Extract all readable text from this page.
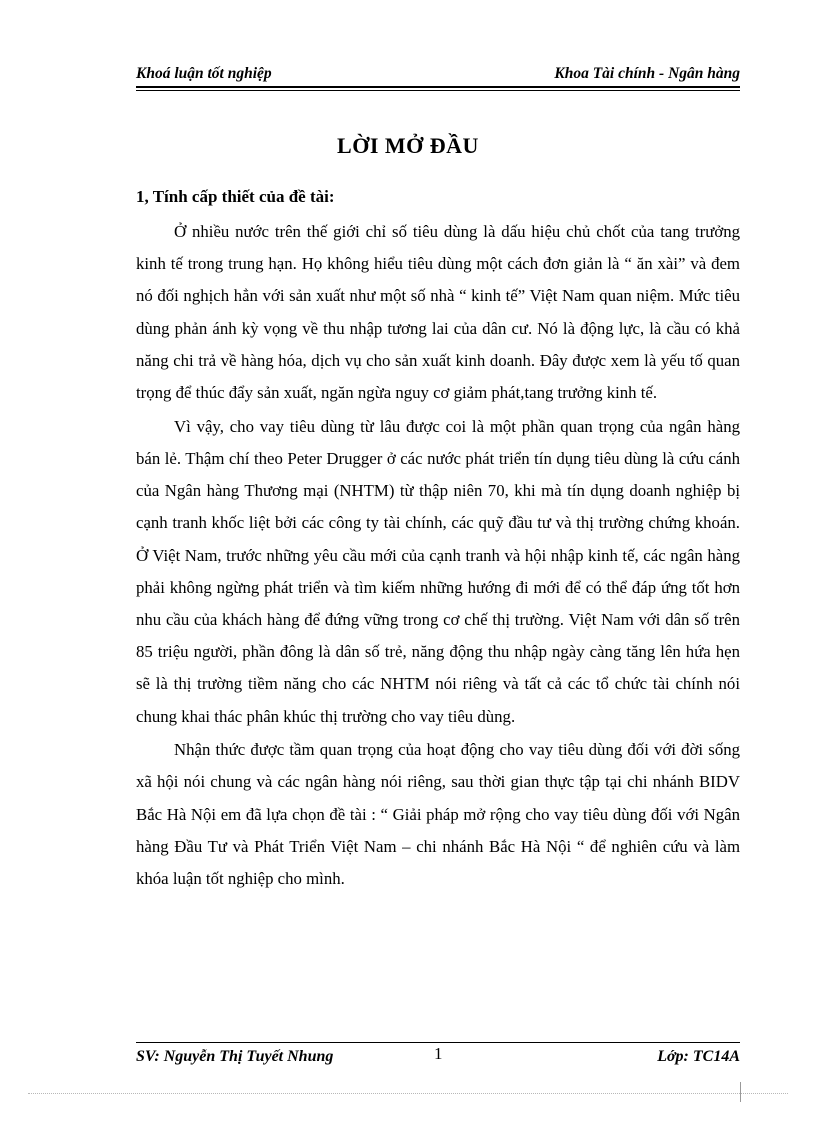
Khoá luận tốt nghiệp	Khoa Tài chính - Ngân hàng
LỜI MỞ ĐẦU
1, Tính cấp thiết của đề tài:

Ở nhiều nước trên thế giới chỉ số tiêu dùng là dấu hiệu chủ chốt của tang trưởng kinh tế trong trung hạn. Họ không hiểu tiêu dùng một cách đơn giản là “ ăn xài” và đem nó đối nghịch hẳn với sản xuất như một số nhà “ kinh tế” Việt Nam quan niệm. Mức tiêu dùng phản ánh kỳ vọng về thu nhập tương lai của dân cư. Nó là động lực, là cầu có khả năng chi trả về hàng hóa, dịch vụ cho sản xuất kinh doanh. Đây được xem là yếu tố quan trọng để thúc đẩy sản xuất, ngăn ngừa nguy cơ giảm phát,tang trưởng kinh tế.

Vì vậy, cho vay tiêu dùng từ lâu được coi là một phần quan trọng của ngân hàng bán lẻ. Thậm chí theo Peter Drugger ở các nước phát triển tín dụng tiêu dùng là cứu cánh của Ngân hàng Thương mại (NHTM) từ thập niên 70, khi mà tín dụng doanh nghiệp bị cạnh tranh khốc liệt bởi các công ty tài chính, các quỹ đầu tư và thị trường chứng khoán. Ở Việt Nam, trước những yêu cầu mới của cạnh tranh và hội nhập kinh tế, các ngân hàng phải không ngừng phát triển và tìm kiếm những hướng đi mới để có thể đáp ứng tốt hơn nhu cầu của khách hàng để đứng vững trong cơ chế thị trường. Việt Nam với dân số trên 85 triệu người, phần đông là dân số trẻ, năng động thu nhập ngày càng tăng lên hứa hẹn sẽ là thị trường tiềm năng cho các NHTM nói riêng và tất cả các tổ chức tài chính nói chung khai thác phân khúc thị trường cho vay tiêu dùng.

Nhận thức được tầm quan trọng của hoạt động cho vay tiêu dùng đối với đời sống xã hội nói chung và các ngân hàng nói riêng, sau thời gian thực tập tại chi nhánh BIDV Bắc Hà Nội em đã lựa chọn đề tài : “ Giải pháp mở rộng cho vay tiêu dùng đối với Ngân hàng Đầu Tư và Phát Triển Việt Nam – chi nhánh Bắc Hà Nội “ để nghiên cứu và làm khóa luận tốt nghiệp cho mình.

SV: Nguyễn Thị Tuyết Nhung	1	Lớp: TC14A
